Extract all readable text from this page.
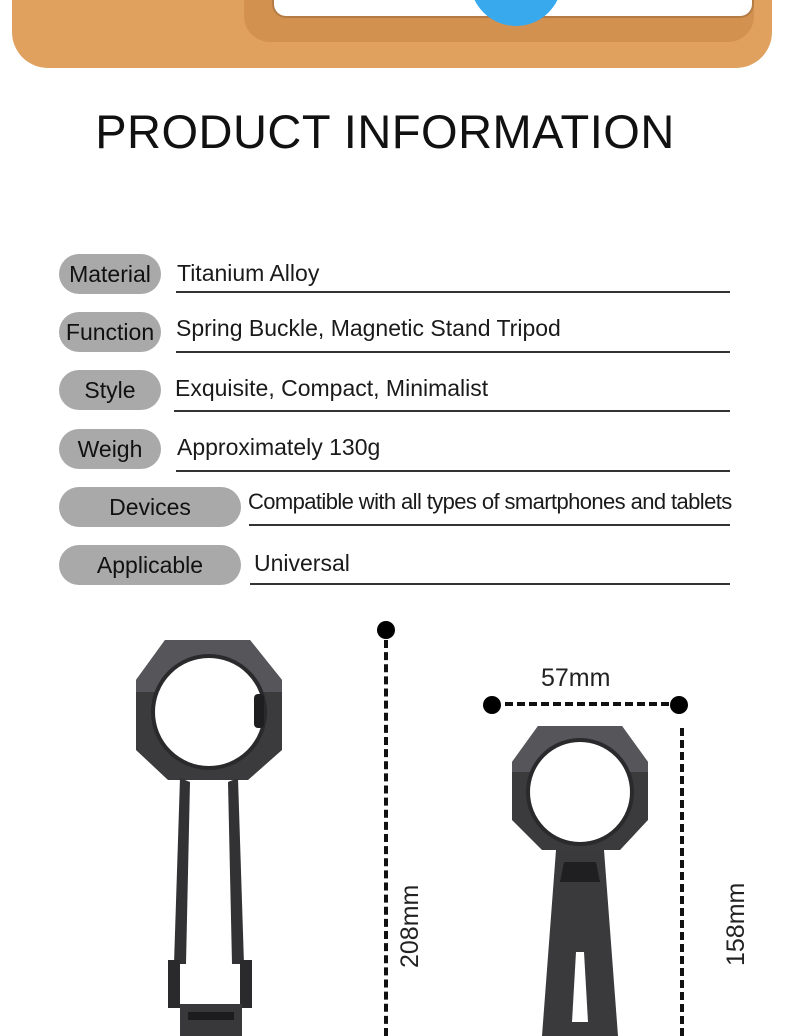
PRODUCT INFORMATION
Material	Titanium Alloy
Function Spring Buckle, Magnetic Stand Tripod
Style	Exquisite, Compact, Minimalist
Weigh	Approximately 130g
Devices	Compatible with all types of smartphones and tablets
Applicable	Universal
208mm
57mm
158mm
